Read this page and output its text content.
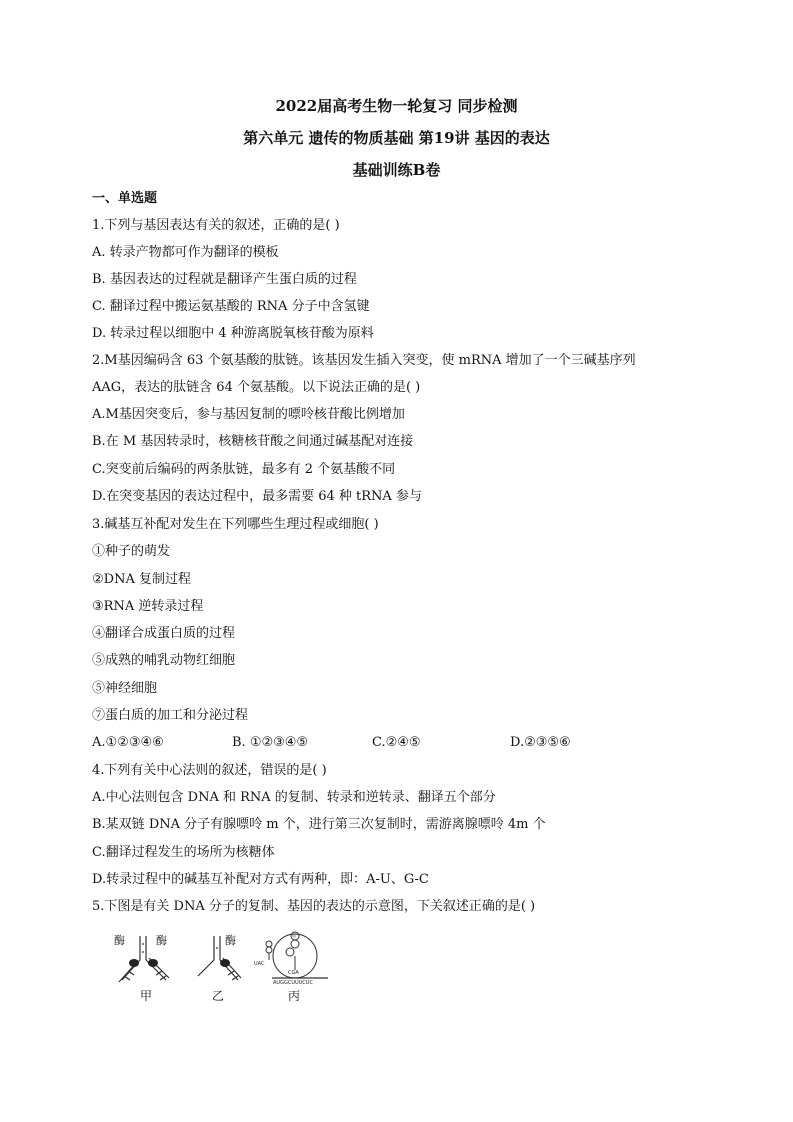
2022届高考生物一轮复习 同步检测
第六单元 遗传的物质基础 第19讲 基因的表达
基础训练B卷
一、单选题
1.下列与基因表达有关的叙述，正确的是( )
A. 转录产物都可作为翻译的模板
B. 基因表达的过程就是翻译产生蛋白质的过程
C. 翻译过程中搬运氨基酸的 RNA 分子中含氢键
D. 转录过程以细胞中 4 种游离脱氧核苷酸为原料
2.M基因编码含 63 个氨基酸的肽链。该基因发生插入突变，使 mRNA 增加了一个三碱基序列
AAG，表达的肽链含 64 个氨基酸。以下说法正确的是( )
A.M基因突变后，参与基因复制的嘌呤核苷酸比例增加
B.在 M 基因转录时，核糖核苷酸之间通过碱基配对连接
C.突变前后编码的两条肽链，最多有 2 个氨基酸不同
D.在突变基因的表达过程中，最多需要 64 种 tRNA 参与
3.碱基互补配对发生在下列哪些生理过程或细胞( )
①种子的萌发
②DNA 复制过程
③RNA 逆转录过程
④翻译合成蛋白质的过程
⑤成熟的哺乳动物红细胞
⑤神经细胞
⑦蛋白质的加工和分泌过程
A.①②③④⑥	B. ①②③④⑤	C.②④⑤	D.②③⑤⑥
4.下列有关中心法则的叙述，错误的是( )
A.中心法则包含 DNA 和 RNA 的复制、转录和逆转录、翻译五个部分
B.某双链 DNA 分子有腺嘌呤 m 个，进行第三次复制时，需游离腺嘌呤 4m 个
C.翻译过程发生的场所为核糖体
D.转录过程中的碱基互补配对方式有两种，即：A-U、G-C
5.下图是有关 DNA 分子的复制、基因的表达的示意图，下关叙述正确的是( )
UAC
CGA
AUGGCUUUCUC
甲
酶	酶	酶
甲	乙	丙
